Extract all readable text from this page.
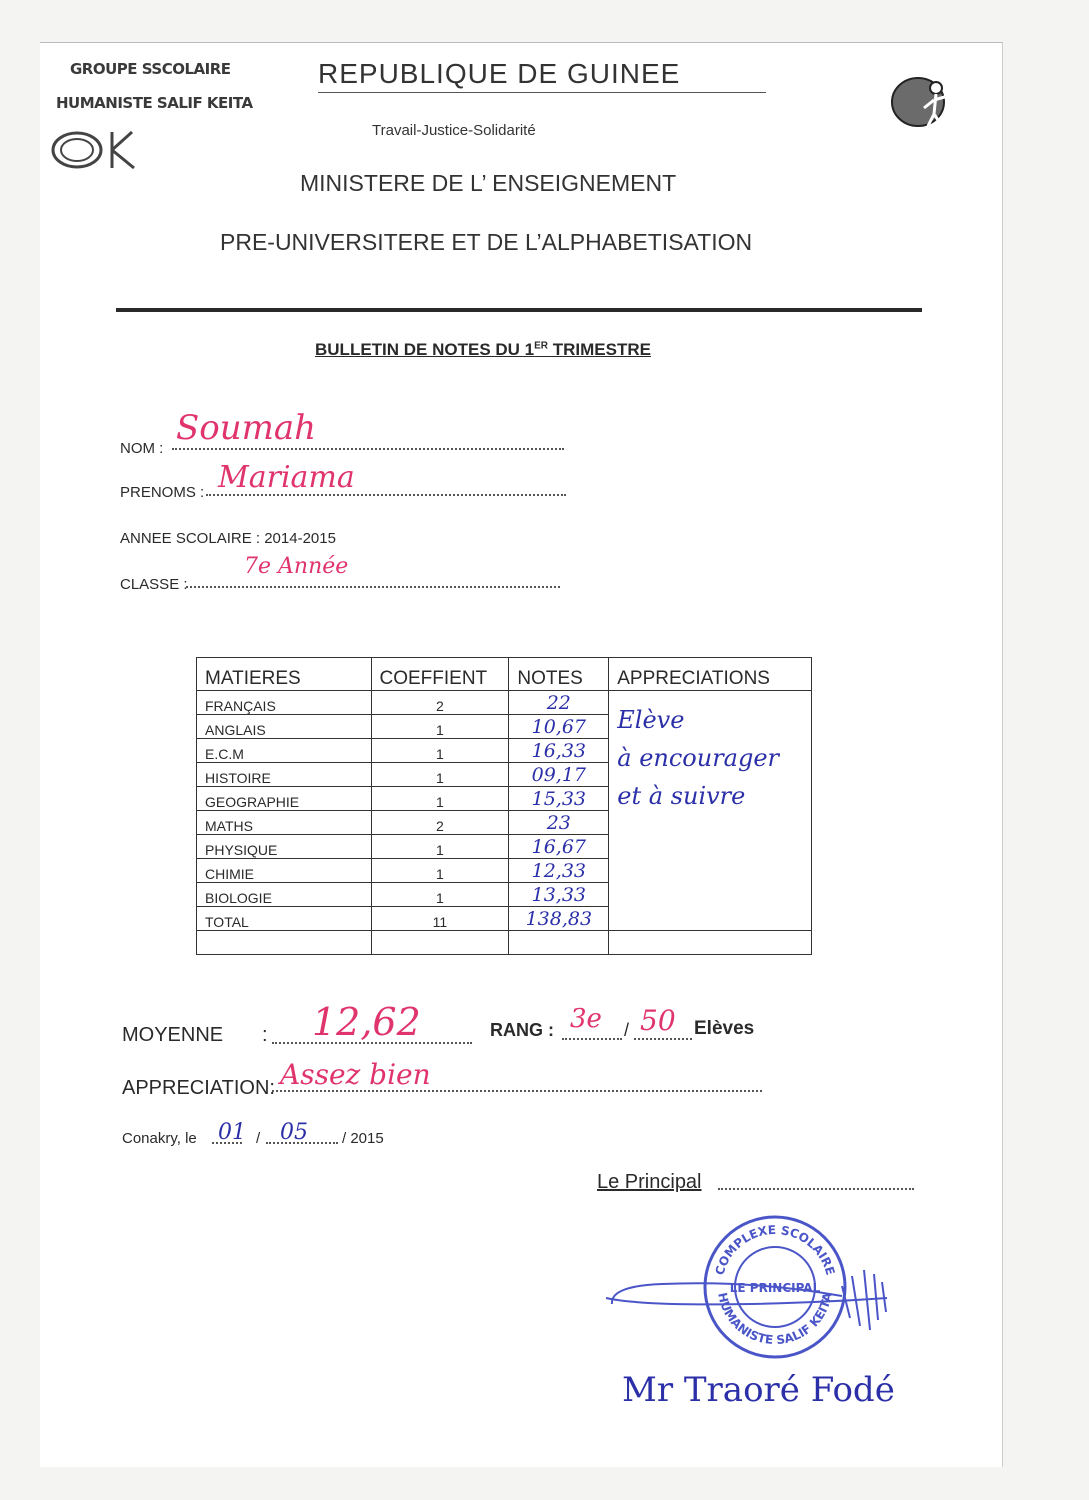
GROUPE SSCOLAIRE
HUMANISTE SALIF KEITA
REPUBLIQUE DE GUINEE
Travail-Justice-Solidarité
MINISTERE DE L’ ENSEIGNEMENT
PRE-UNIVERSITERE ET DE L’ALPHABETISATION
BULLETIN DE NOTES DU 1ER TRIMESTRE
NOM :
Soumah
PRENOMS : Mariama
ANNEE SCOLAIRE : 2014-2015
CLASSE :
7e Année
MATIERES	COEFFIENT	NOTES	APPRECIATIONS
FRANÇAIS	2	22	Elève
à encourager
et à suivre

ANGLAIS	1	10,67	
E.C.M	1	16,33	
HISTOIRE	1	09,17	
GEOGRAPHIE	1	15,33	
MATHS	2	23	
PHYSIQUE	1	16,67	
CHIMIE	1	12,33	
BIOLOGIE	1	13,33	
TOTAL	11	138,83	

MOYENNE : 12,62	RANG : 3e / 50 Elèves
APPRECIATION: Assez bien
Conakry, le 01 / 05 / 2015
Le Principal
COMPLEXE SCOLAIRE
HUMANISTE SALIF KEITA
LE PRINCIPAL
Mr Traoré Fodé
